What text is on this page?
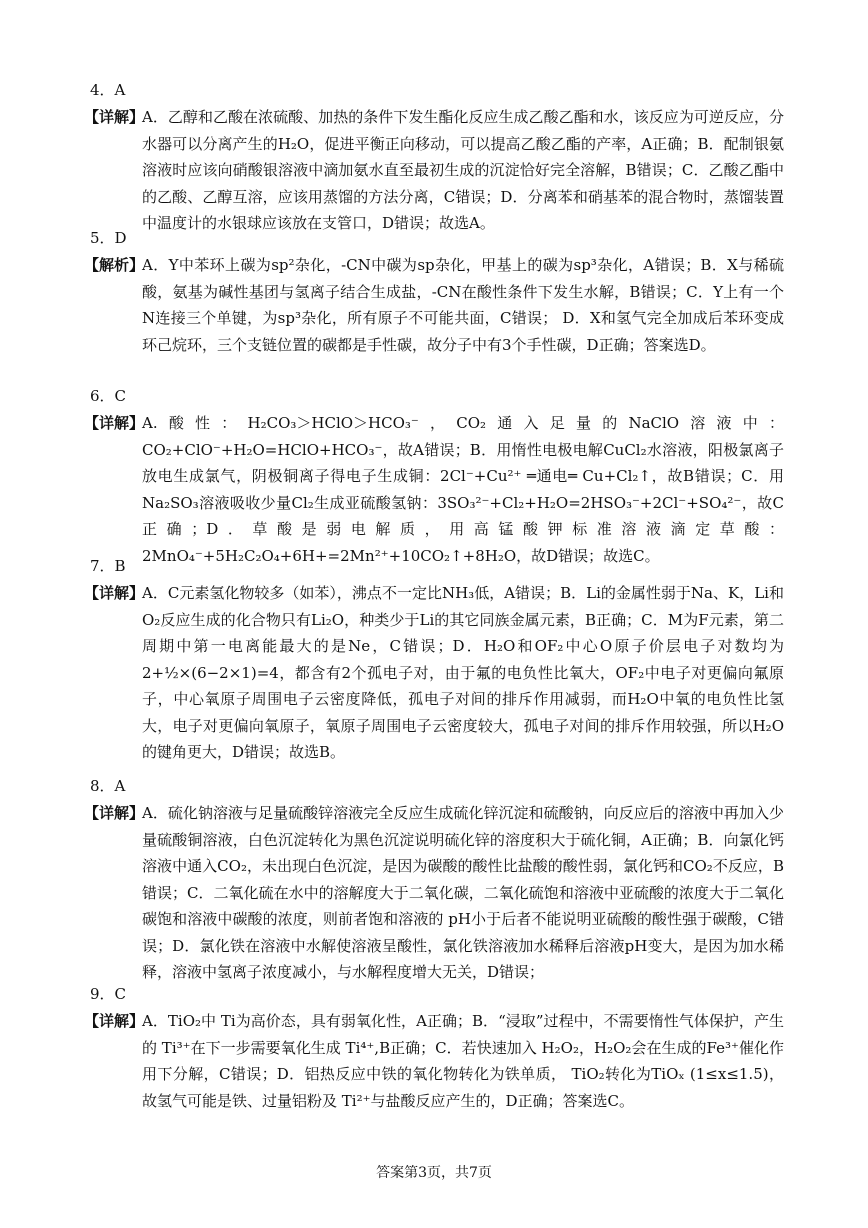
4．A
【详解】
A．乙醇和乙酸在浓硫酸、加热的条件下发生酯化反应生成乙酸乙酯和水，该反应为可逆反应，分水器可以分离产生的H₂O，促进平衡正向移动，可以提高乙酸乙酯的产率，A正确；B．配制银氨溶液时应该向硝酸银溶液中滴加氨水直至最初生成的沉淀恰好完全溶解，B错误；C．乙酸乙酯中的乙酸、乙醇互溶，应该用蒸馏的方法分离，C错误；D．分离苯和硝基苯的混合物时，蒸馏装置中温度计的水银球应该放在支管口，D错误；故选A。
5．D
【解析】
A．Y中苯环上碳为sp²杂化，-CN中碳为sp杂化，甲基上的碳为sp³杂化，A错误；B．X与稀硫酸，氨基为碱性基团与氢离子结合生成盐，-CN在酸性条件下发生水解，B错误；C．Y上有一个N连接三个单键，为sp³杂化，所有原子不可能共面，C错误； D．X和氢气完全加成后苯环变成环己烷环，三个支链位置的碳都是手性碳，故分子中有3个手性碳，D正确；答案选D。
6．C
【详解】
A.酸性：H₂CO₃＞HClO＞HCO₃⁻，CO₂通入足量的NaClO溶液中：CO₂+ClO⁻+H₂O=HClO+HCO₃⁻，故A错误；B．用惰性电极电解CuCl₂水溶液，阳极氯离子放电生成氯气，阴极铜离子得电子生成铜：2Cl⁻+Cu²⁺ ═通电═ Cu+Cl₂↑，故B错误；C．用Na₂SO₃溶液吸收少量Cl₂生成亚硫酸氢钠：3SO₃²⁻+Cl₂+H₂O=2HSO₃⁻+2Cl⁻+SO₄²⁻，故C正确；D．草酸是弱电解质，用高锰酸钾标准溶液滴定草酸：2MnO₄⁻+5H₂C₂O₄+6H+=2Mn²⁺+10CO₂↑+8H₂O，故D错误；故选C。
7．B
【详解】
A．C元素氢化物较多（如苯），沸点不一定比NH₃低，A错误；B．Li的金属性弱于Na、K，Li和O₂反应生成的化合物只有Li₂O，种类少于Li的其它同族金属元素，B正确；C．M为F元素，第二周期中第一电离能最大的是Ne，C错误；D．H₂O和OF₂中心O原子价层电子对数均为2+½×(6−2×1)=4，都含有2个孤电子对，由于氟的电负性比氧大，OF₂中电子对更偏向氟原子，中心氧原子周围电子云密度降低，孤电子对间的排斥作用减弱，而H₂O中氧的电负性比氢大，电子对更偏向氧原子，氧原子周围电子云密度较大，孤电子对间的排斥作用较强，所以H₂O的键角更大，D错误；故选B。
8．A
【详解】
A．硫化钠溶液与足量硫酸锌溶液完全反应生成硫化锌沉淀和硫酸钠，向反应后的溶液中再加入少量硫酸铜溶液，白色沉淀转化为黑色沉淀说明硫化锌的溶度积大于硫化铜，A正确；B．向氯化钙溶液中通入CO₂，未出现白色沉淀，是因为碳酸的酸性比盐酸的酸性弱，氯化钙和CO₂不反应，B错误；C．二氧化硫在水中的溶解度大于二氧化碳，二氧化硫饱和溶液中亚硫酸的浓度大于二氧化碳饱和溶液中碳酸的浓度，则前者饱和溶液的 pH小于后者不能说明亚硫酸的酸性强于碳酸，C错误；D．氯化铁在溶液中水解使溶液呈酸性，氯化铁溶液加水稀释后溶液pH变大，是因为加水稀释，溶液中氢离子浓度减小，与水解程度增大无关，D错误；
9．C
【详解】
A．TiO₂中 Ti为高价态，具有弱氧化性，A正确；B．“浸取”过程中，不需要惰性气体保护，产生的 Ti³⁺在下一步需要氧化生成 Ti⁴⁺,B正确；C．若快速加入 H₂O₂，H₂O₂会在生成的Fe³⁺催化作用下分解，C错误；D．铝热反应中铁的氧化物转化为铁单质， TiO₂转化为TiOₓ (1≤x≤1.5)，故氢气可能是铁、过量铝粉及 Ti²⁺与盐酸反应产生的，D正确；答案选C。
答案第3页，共7页
